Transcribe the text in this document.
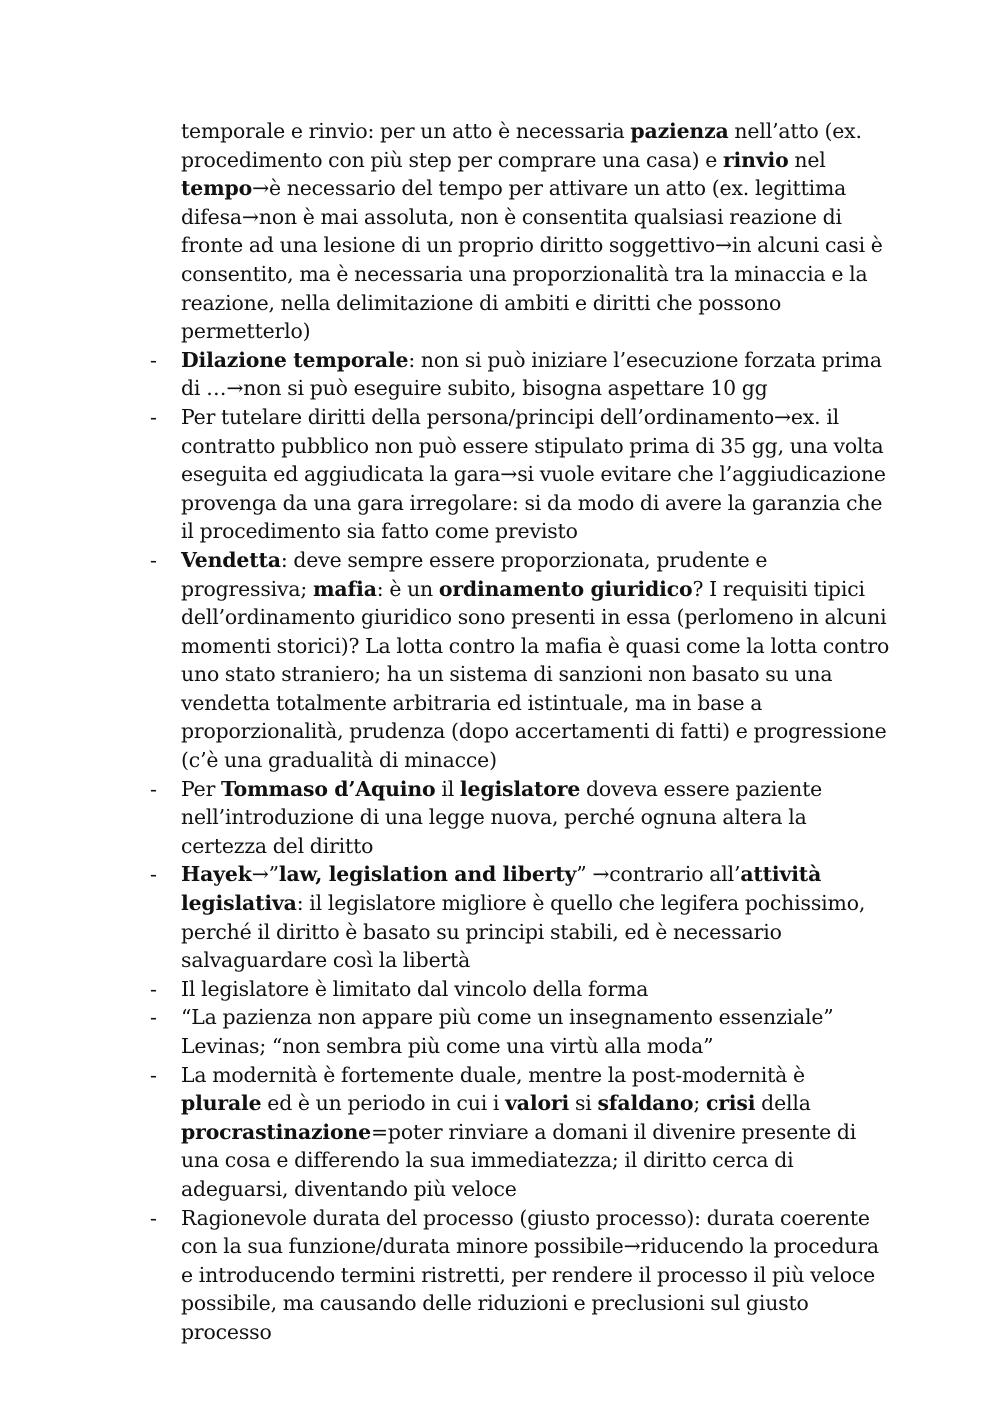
temporale e rinvio: per un atto è necessaria pazienza nell’atto (ex. procedimento con più step per comprare una casa) e rinvio nel tempo→è necessario del tempo per attivare un atto (ex. legittima difesa→non è mai assoluta, non è consentita qualsiasi reazione di fronte ad una lesione di un proprio diritto soggettivo→in alcuni casi è consentito, ma è necessaria una proporzionalità tra la minaccia e la reazione, nella delimitazione di ambiti e diritti che possono permetterlo)

-	Dilazione temporale: non si può iniziare l’esecuzione forzata prima di …→non si può eseguire subito, bisogna aspettare 10 gg
-	Per tutelare diritti della persona/principi dell’ordinamento→ex. il contratto pubblico non può essere stipulato prima di 35 gg, una volta eseguita ed aggiudicata la gara→si vuole evitare che l’aggiudicazione provenga da una gara irregolare: si da modo di avere la garanzia che il procedimento sia fatto come previsto
-	Vendetta: deve sempre essere proporzionata, prudente e progressiva; mafia: è un ordinamento giuridico? I requisiti tipici dell’ordinamento giuridico sono presenti in essa (perlomeno in alcuni momenti storici)? La lotta contro la mafia è quasi come la lotta contro uno stato straniero; ha un sistema di sanzioni non basato su una vendetta totalmente arbitraria ed istintuale, ma in base a proporzionalità, prudenza (dopo accertamenti di fatti) e progressione (c’è una gradualità di minacce)
-	Per Tommaso d’Aquino il legislatore doveva essere paziente nell’introduzione di una legge nuova, perché ognuna altera la certezza del diritto
-	Hayek→”law, legislation and liberty” →contrario all’attività legislativa: il legislatore migliore è quello che legifera pochissimo, perché il diritto è basato su principi stabili, ed è necessario salvaguardare così la libertà
-	Il legislatore è limitato dal vincolo della forma
-	“La pazienza non appare più come un insegnamento essenziale” Levinas; “non sembra più come una virtù alla moda”
-	La modernità è fortemente duale, mentre la post-modernità è plurale ed è un periodo in cui i valori si sfaldano; crisi della procrastinazione=poter rinviare a domani il divenire presente di una cosa e differendo la sua immediatezza; il diritto cerca di adeguarsi, diventando più veloce
-	Ragionevole durata del processo (giusto processo): durata coerente con la sua funzione/durata minore possibile→riducendo la procedura e introducendo termini ristretti, per rendere il processo il più veloce possibile, ma causando delle riduzioni e preclusioni sul giusto processo
